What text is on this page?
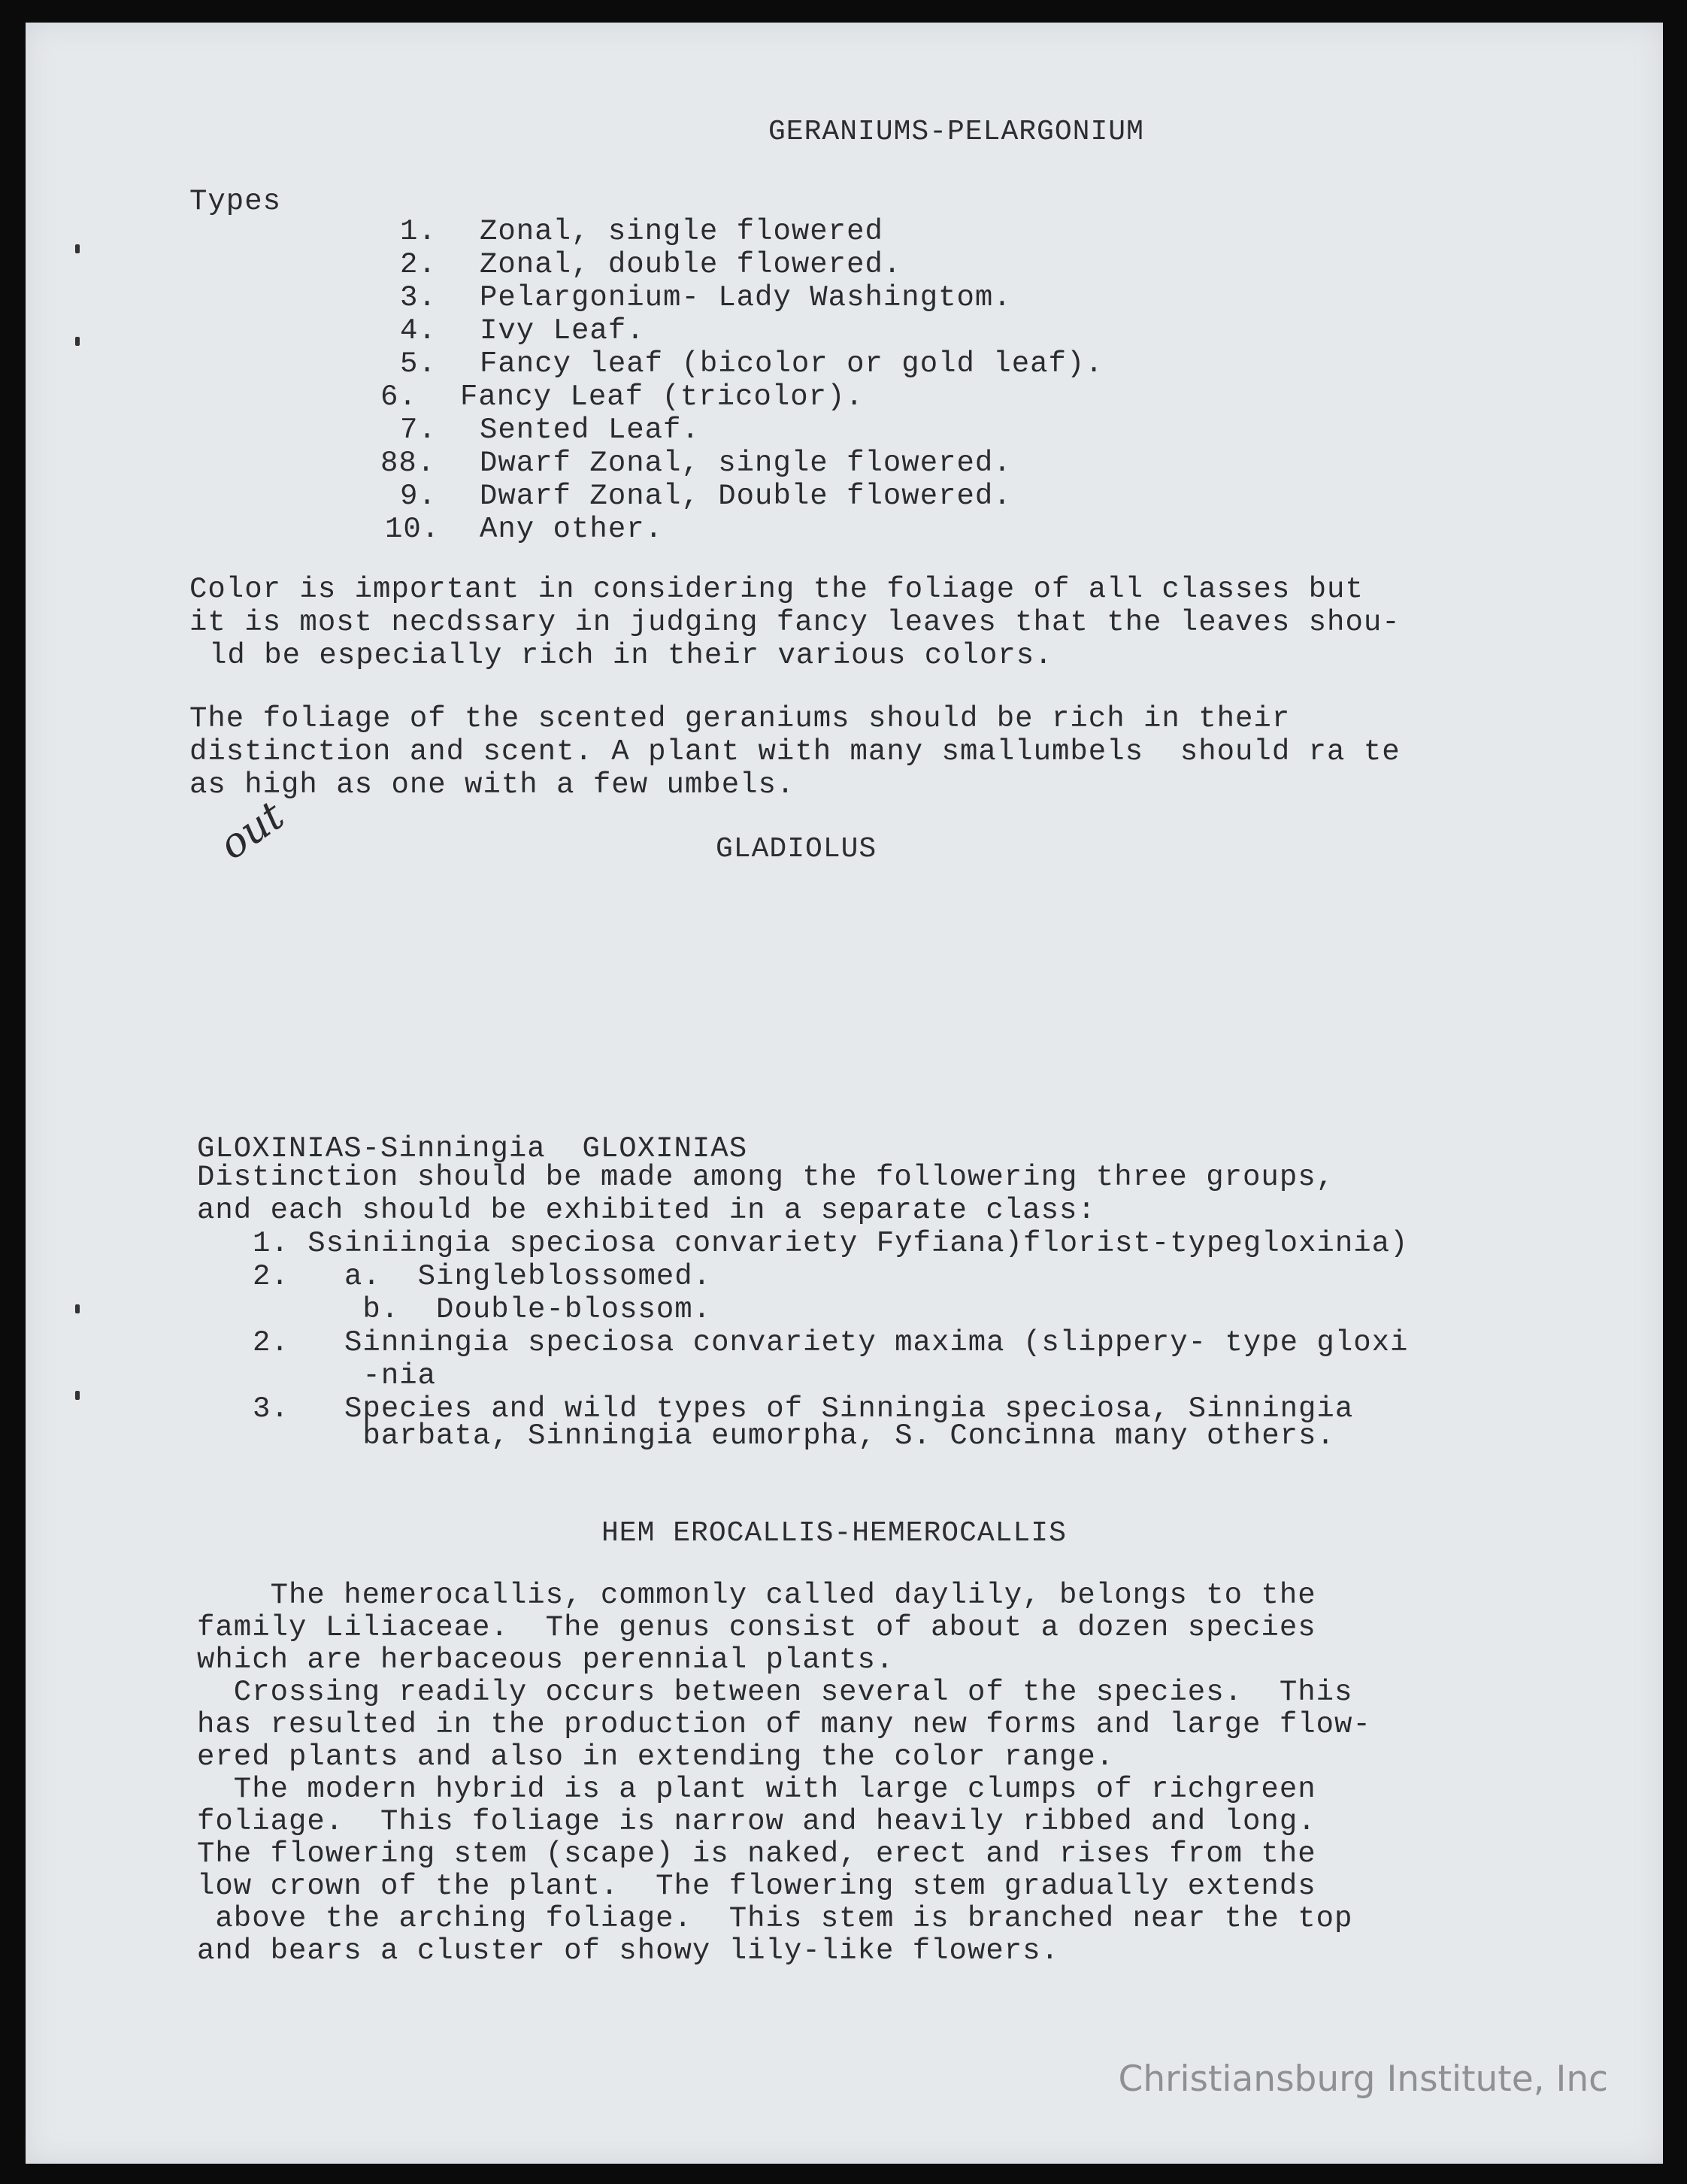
GERANIUMS-PELARGONIUM
Types
1. Zonal, single flowered
2. Zonal, double flowered.
3. Pelargonium- Lady Washingtom.
4. Ivy Leaf.
5. Fancy leaf (bicolor or gold leaf).
6. Fancy Leaf (tricolor).
7. Sented Leaf.
88. Dwarf Zonal, single flowered.
9. Dwarf Zonal, Double flowered.
10. Any other.
Color is important in considering the foliage of all classes but
it is most necdssary in judging fancy leaves that the leaves shou-
ld be especially rich in their various colors.
The foliage of the scented geraniums should be rich in their
distinction and scent. A plant with many smallumbels  should ra te
as high as one with a few umbels.
out	GLADIOLUS
GLOXINIAS-Sinningia  GLOXINIAS
Distinction should be made among the followering three groups,
and each should be exhibited in a separate class:
1. Ssiniingia speciosa convariety Fyfiana)florist-typegloxinia)
2.   a.  Singleblossomed.
b.  Double-blossom.
2.   Sinningia speciosa convariety maxima (slippery- type gloxi
-nia
3.   Species and wild types of Sinningia speciosa, Sinningia
barbata, Sinningia eumorpha, S. Concinna many others.
HEM EROCALLIS-HEMEROCALLIS
The hemerocallis, commonly called daylily, belongs to the
family Liliaceae.  The genus consist of about a dozen species
which are herbaceous perennial plants.
Crossing readily occurs between several of the species.  This
has resulted in the production of many new forms and large flow-
ered plants and also in extending the color range.
The modern hybrid is a plant with large clumps of richgreen
foliage.  This foliage is narrow and heavily ribbed and long.
The flowering stem (scape) is naked, erect and rises from the
low crown of the plant.  The flowering stem gradually extends
above the arching foliage.  This stem is branched near the top
and bears a cluster of showy lily-like flowers.
Christiansburg Institute, Inc
